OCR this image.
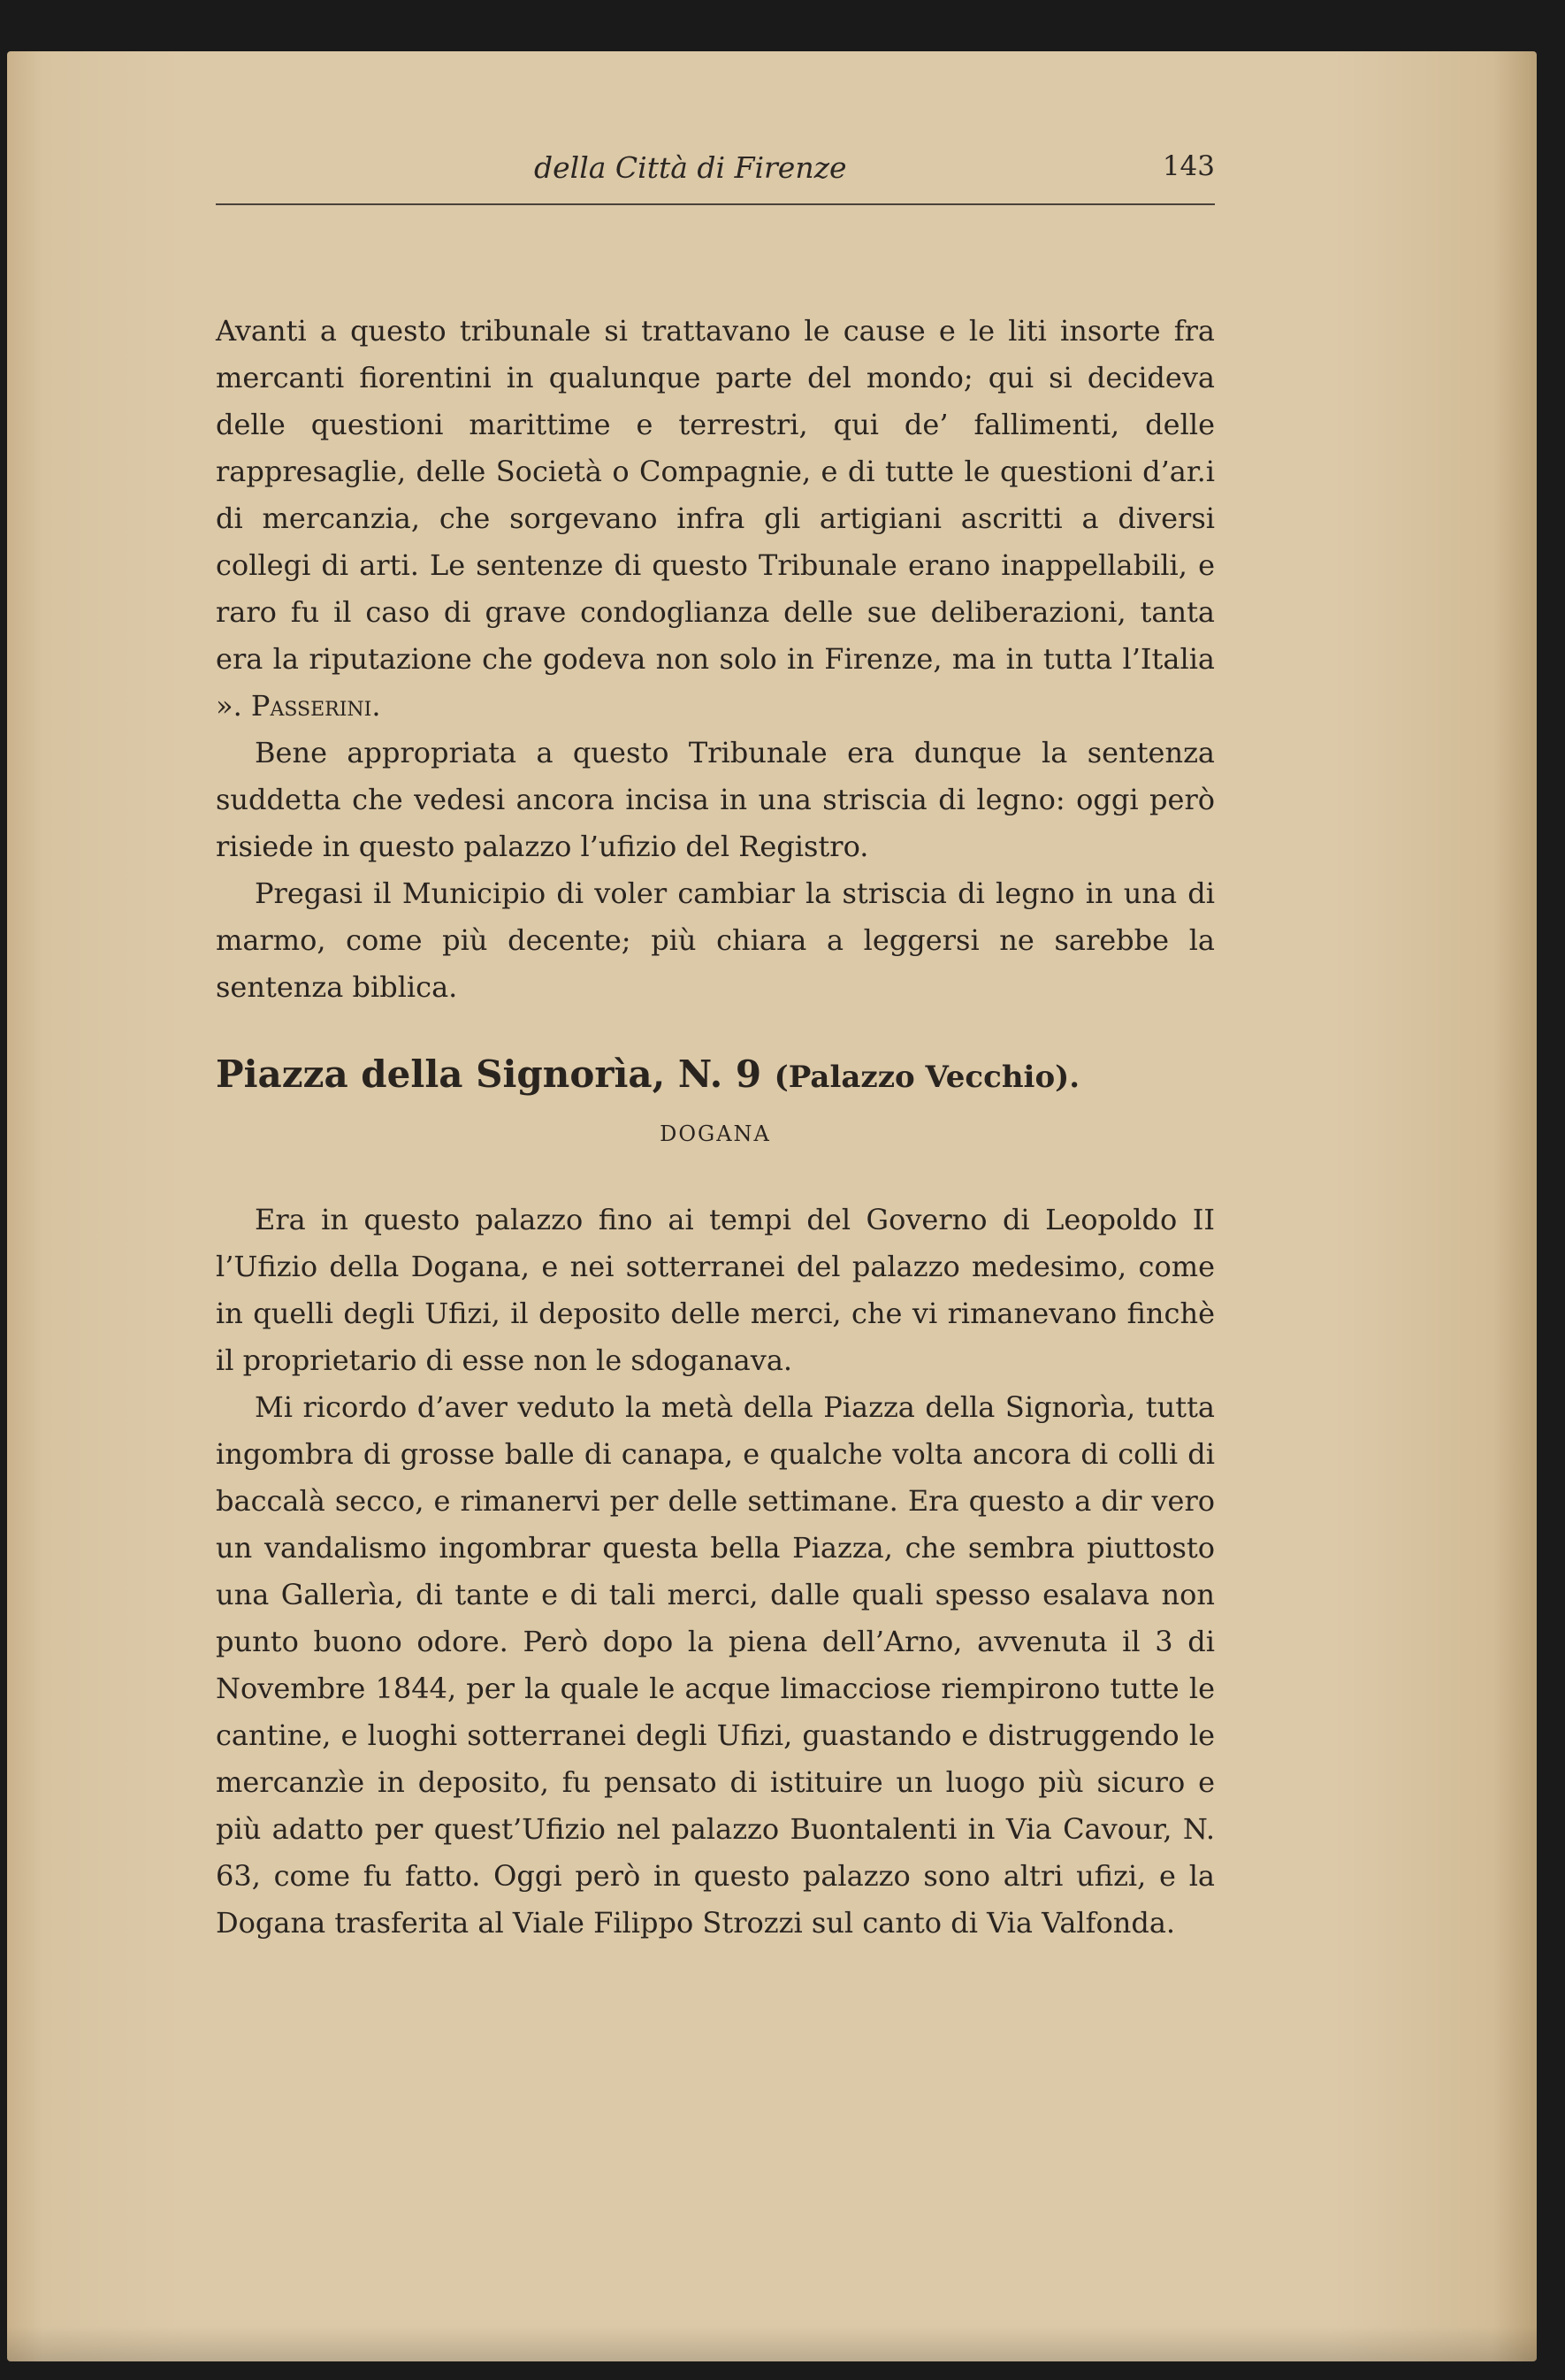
della Città di Firenze	143

Avanti a questo tribunale si trattavano le cause e le liti insorte fra mercanti fiorentini in qualunque parte del mondo; qui si decideva delle questioni marittime e terrestri, qui de’ fallimenti, delle rappresaglie, delle Società o Compagnie, e di tutte le questioni d’ar.i di mercanzia, che sorgevano infra gli artigiani ascritti a diversi collegi di arti. Le sentenze di questo Tribunale erano inappellabili, e raro fu il caso di grave condoglianza delle sue deliberazioni, tanta era la riputazione che godeva non solo in Firenze, ma in tutta l’Italia ». Passerini.

Bene appropriata a questo Tribunale era dunque la sentenza suddetta che vedesi ancora incisa in una striscia di legno: oggi però risiede in questo palazzo l’ufizio del Registro.

Pregasi il Municipio di voler cambiar la striscia di legno in una di marmo, come più decente; più chiara a leggersi ne sarebbe la sentenza biblica.

Piazza della Signorìa, N. 9 (Palazzo Vecchio).
DOGANA

Era in questo palazzo fino ai tempi del Governo di Leopoldo II l’Ufizio della Dogana, e nei sotterranei del palazzo medesimo, come in quelli degli Ufizi, il deposito delle merci, che vi rimanevano finchè il proprietario di esse non le sdoganava.

Mi ricordo d’aver veduto la metà della Piazza della Signorìa, tutta ingombra di grosse balle di canapa, e qualche volta ancora di colli di baccalà secco, e rimanervi per delle settimane. Era questo a dir vero un vandalismo ingombrar questa bella Piazza, che sembra piuttosto una Gallerìa, di tante e di tali merci, dalle quali spesso esalava non punto buono odore. Però dopo la piena dell’Arno, avvenuta il 3 di Novembre 1844, per la quale le acque limacciose riempirono tutte le cantine, e luoghi sotterranei degli Ufizi, guastando e distruggendo le mercanzìe in deposito, fu pensato di istituire un luogo più sicuro e più adatto per quest’Ufizio nel palazzo Buontalenti in Via Cavour, N. 63, come fu fatto. Oggi però in questo palazzo sono altri ufizi, e la Dogana trasferita al Viale Filippo Strozzi sul canto di Via Valfonda.
